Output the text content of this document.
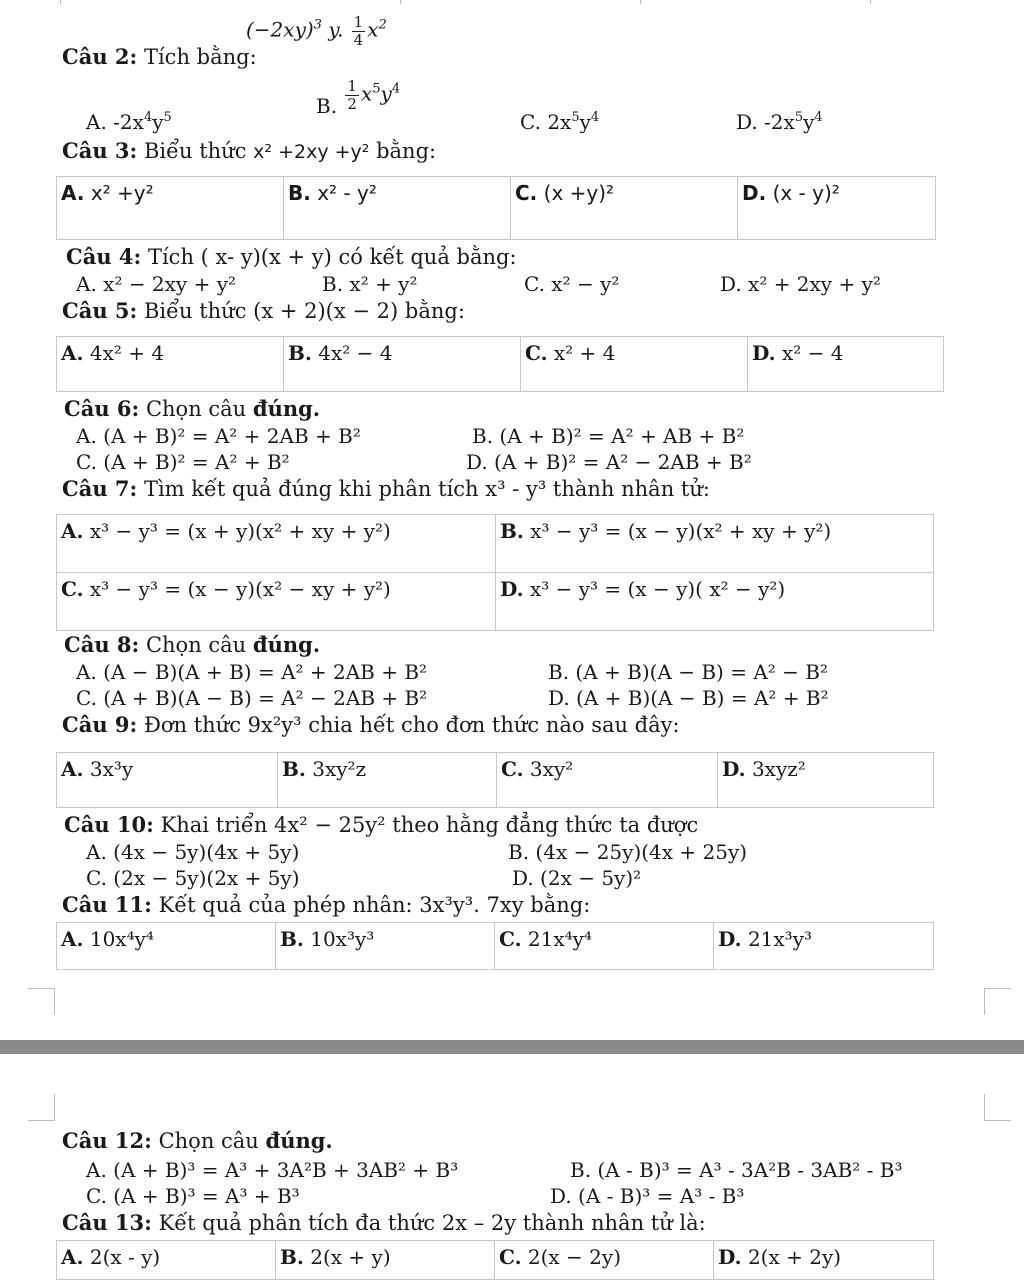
Câu 2: Tích bằng:
$(-2xy)^3$ y. $\frac{1}{4} x^2$
A. $-2x^4y^5$	B. $\frac{1}{2} x^5y^4$
C. $2x^5y^4$	D. $-2x^5y^4$
Câu 3: Biểu thức x² +2xy +y² bằng:
A. x² +y²	B. x² - y²	C. (x +y)²	D. (x - y)²
Câu 4: Tích ( x- y)(x + y) có kết quả bằng:
A. x² − 2xy + y²	B. x² + y²	C. x² − y²	D. x² + 2xy + y²
Câu 5: Biểu thức (x + 2)(x − 2) bằng:
A. 4x² + 4	B. 4x² − 4	C. x² + 4	D. x² − 4
Câu 6: Chọn câu đúng.
A. (A + B)² = A² + 2AB + B²	B. (A + B)² = A² + AB + B²
C. (A + B)² = A² + B²	D. (A + B)² = A² − 2AB + B²
Câu 7: Tìm kết quả đúng khi phân tích x³ - y³ thành nhân tử:
A. x³ − y³ = (x + y)(x² + xy + y²)	B. x³ − y³ = (x − y)(x² + xy + y²)
C. x³ − y³ = (x − y)(x² − xy + y²)	D. x³ − y³ = (x − y)( x² − y²)
Câu 8: Chọn câu đúng.
A. (A − B)(A + B) = A² + 2AB + B²	B. (A + B)(A − B) = A² − B²
C. (A + B)(A − B) = A² − 2AB + B²	D. (A + B)(A − B) = A² + B²
Câu 9: Đơn thức 9x²y³ chia hết cho đơn thức nào sau đây:
A. 3x³y	B. 3xy²z	C. 3xy²	D. 3xyz²
Câu 10: Khai triển 4x² − 25y² theo hằng đẳng thức ta được
A. (4x − 5y)(4x + 5y)	B. (4x − 25y)(4x + 25y)
C. (2x − 5y)(2x + 5y)	D. (2x − 5y)²
Câu 11: Kết quả của phép nhân: 3x³y³. 7xy bằng:
A. 10x⁴y⁴	B. 10x³y³	C. 21x⁴y⁴	D. 21x³y³
Câu 12: Chọn câu đúng.
A. (A + B)³ = A³ + 3A²B + 3AB² + B³	B. (A - B)³ = A³ - 3A²B - 3AB² - B³
C. (A + B)³ = A³ + B³	D. (A - B)³ = A³ - B³
Câu 13: Kết quả phân tích đa thức 2x – 2y thành nhân tử là:
A. 2(x - y)	B. 2(x + y)	C. 2(x − 2y)	D. 2(x + 2y)
